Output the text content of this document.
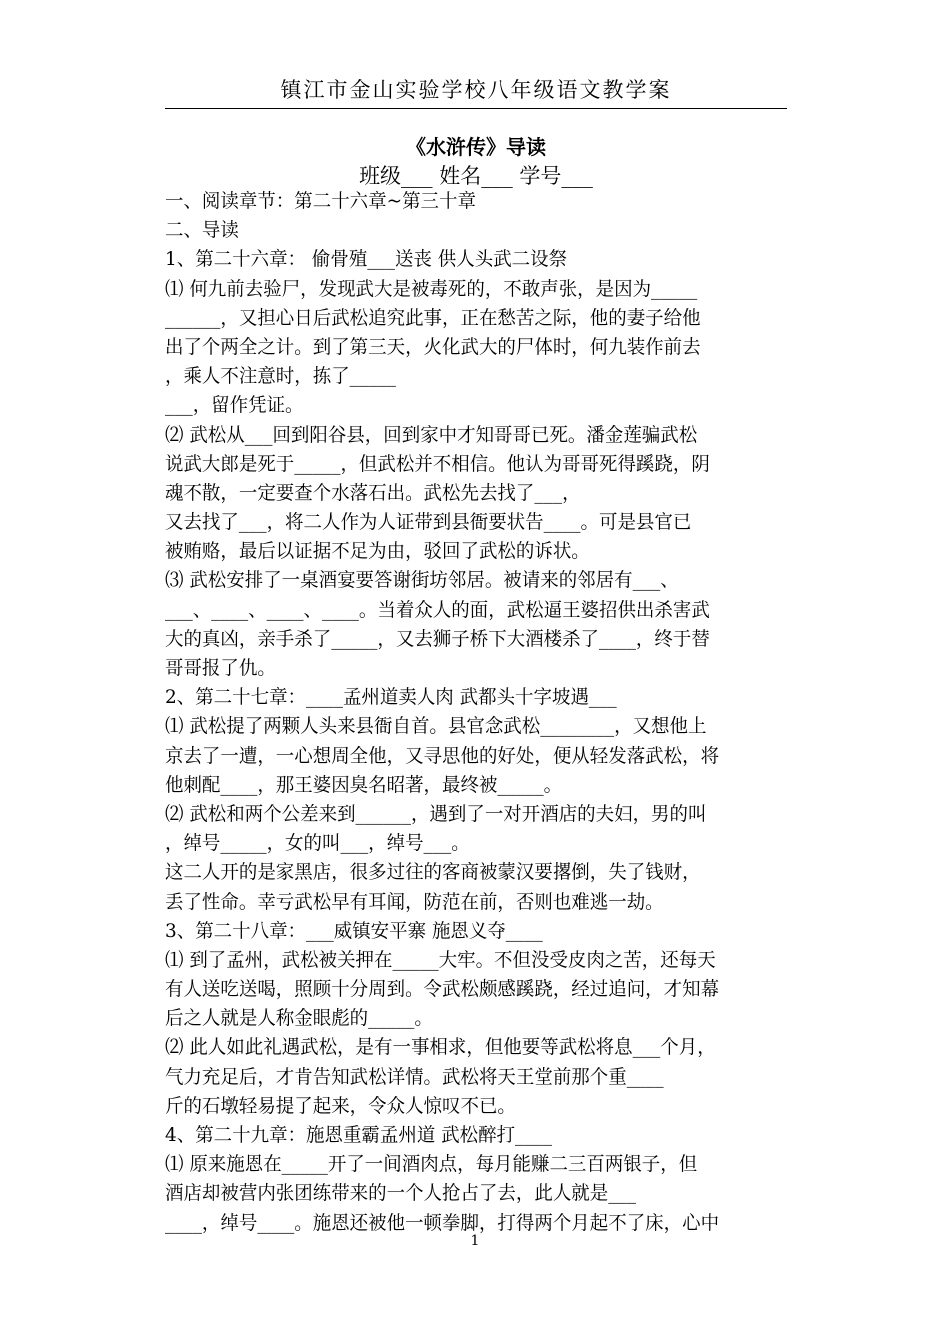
镇江市金山实验学校八年级语文教学案
《水浒传》导读
班级___ 姓名___ 学号___
一、阅读章节：第二十六章~第三十章
二、导读
1、第二十六章： 偷骨殖___送丧 供人头武二设祭
⑴ 何九前去验尸，发现武大是被毒死的，不敢声张，是因为_____
______，又担心日后武松追究此事，正在愁苦之际，他的妻子给他
出了个两全之计。到了第三天，火化武大的尸体时，何九装作前去
，乘人不注意时，拣了_____
___，留作凭证。
⑵ 武松从___回到阳谷县，回到家中才知哥哥已死。潘金莲骗武松
说武大郎是死于_____，但武松并不相信。他认为哥哥死得蹊跷，阴
魂不散，一定要查个水落石出。武松先去找了___，
又去找了___，将二人作为人证带到县衙要状告____。可是县官已
被贿赂，最后以证据不足为由，驳回了武松的诉状。
⑶ 武松安排了一桌酒宴要答谢街坊邻居。被请来的邻居有___、
___、____、____、____。当着众人的面，武松逼王婆招供出杀害武
大的真凶，亲手杀了_____，又去狮子桥下大酒楼杀了____，终于替
哥哥报了仇。
2、第二十七章：____孟州道卖人肉 武都头十字坡遇___
⑴ 武松提了两颗人头来县衙自首。县官念武松________，又想他上
京去了一遭，一心想周全他，又寻思他的好处，便从轻发落武松，将
他刺配____，那王婆因臭名昭著，最终被_____。
⑵ 武松和两个公差来到______，遇到了一对开酒店的夫妇，男的叫
，绰号_____，女的叫___，绰号___。
这二人开的是家黑店，很多过往的客商被蒙汉要撂倒，失了钱财，
丢了性命。幸亏武松早有耳闻，防范在前，否则也难逃一劫。
3、第二十八章：___威镇安平寨 施恩义夺____
⑴ 到了孟州，武松被关押在_____大牢。不但没受皮肉之苦，还每天
有人送吃送喝，照顾十分周到。令武松颇感蹊跷，经过追问，才知幕
后之人就是人称金眼彪的_____。
⑵ 此人如此礼遇武松，是有一事相求，但他要等武松将息___个月，
气力充足后，才肯告知武松详情。武松将天王堂前那个重____
斤的石墩轻易提了起来，令众人惊叹不已。
4、第二十九章：施恩重霸孟州道 武松醉打____
⑴ 原来施恩在_____开了一间酒肉点，每月能赚二三百两银子，但
酒店却被营内张团练带来的一个人抢占了去，此人就是___
____，绰号____。施恩还被他一顿拳脚，打得两个月起不了床，心中
1
